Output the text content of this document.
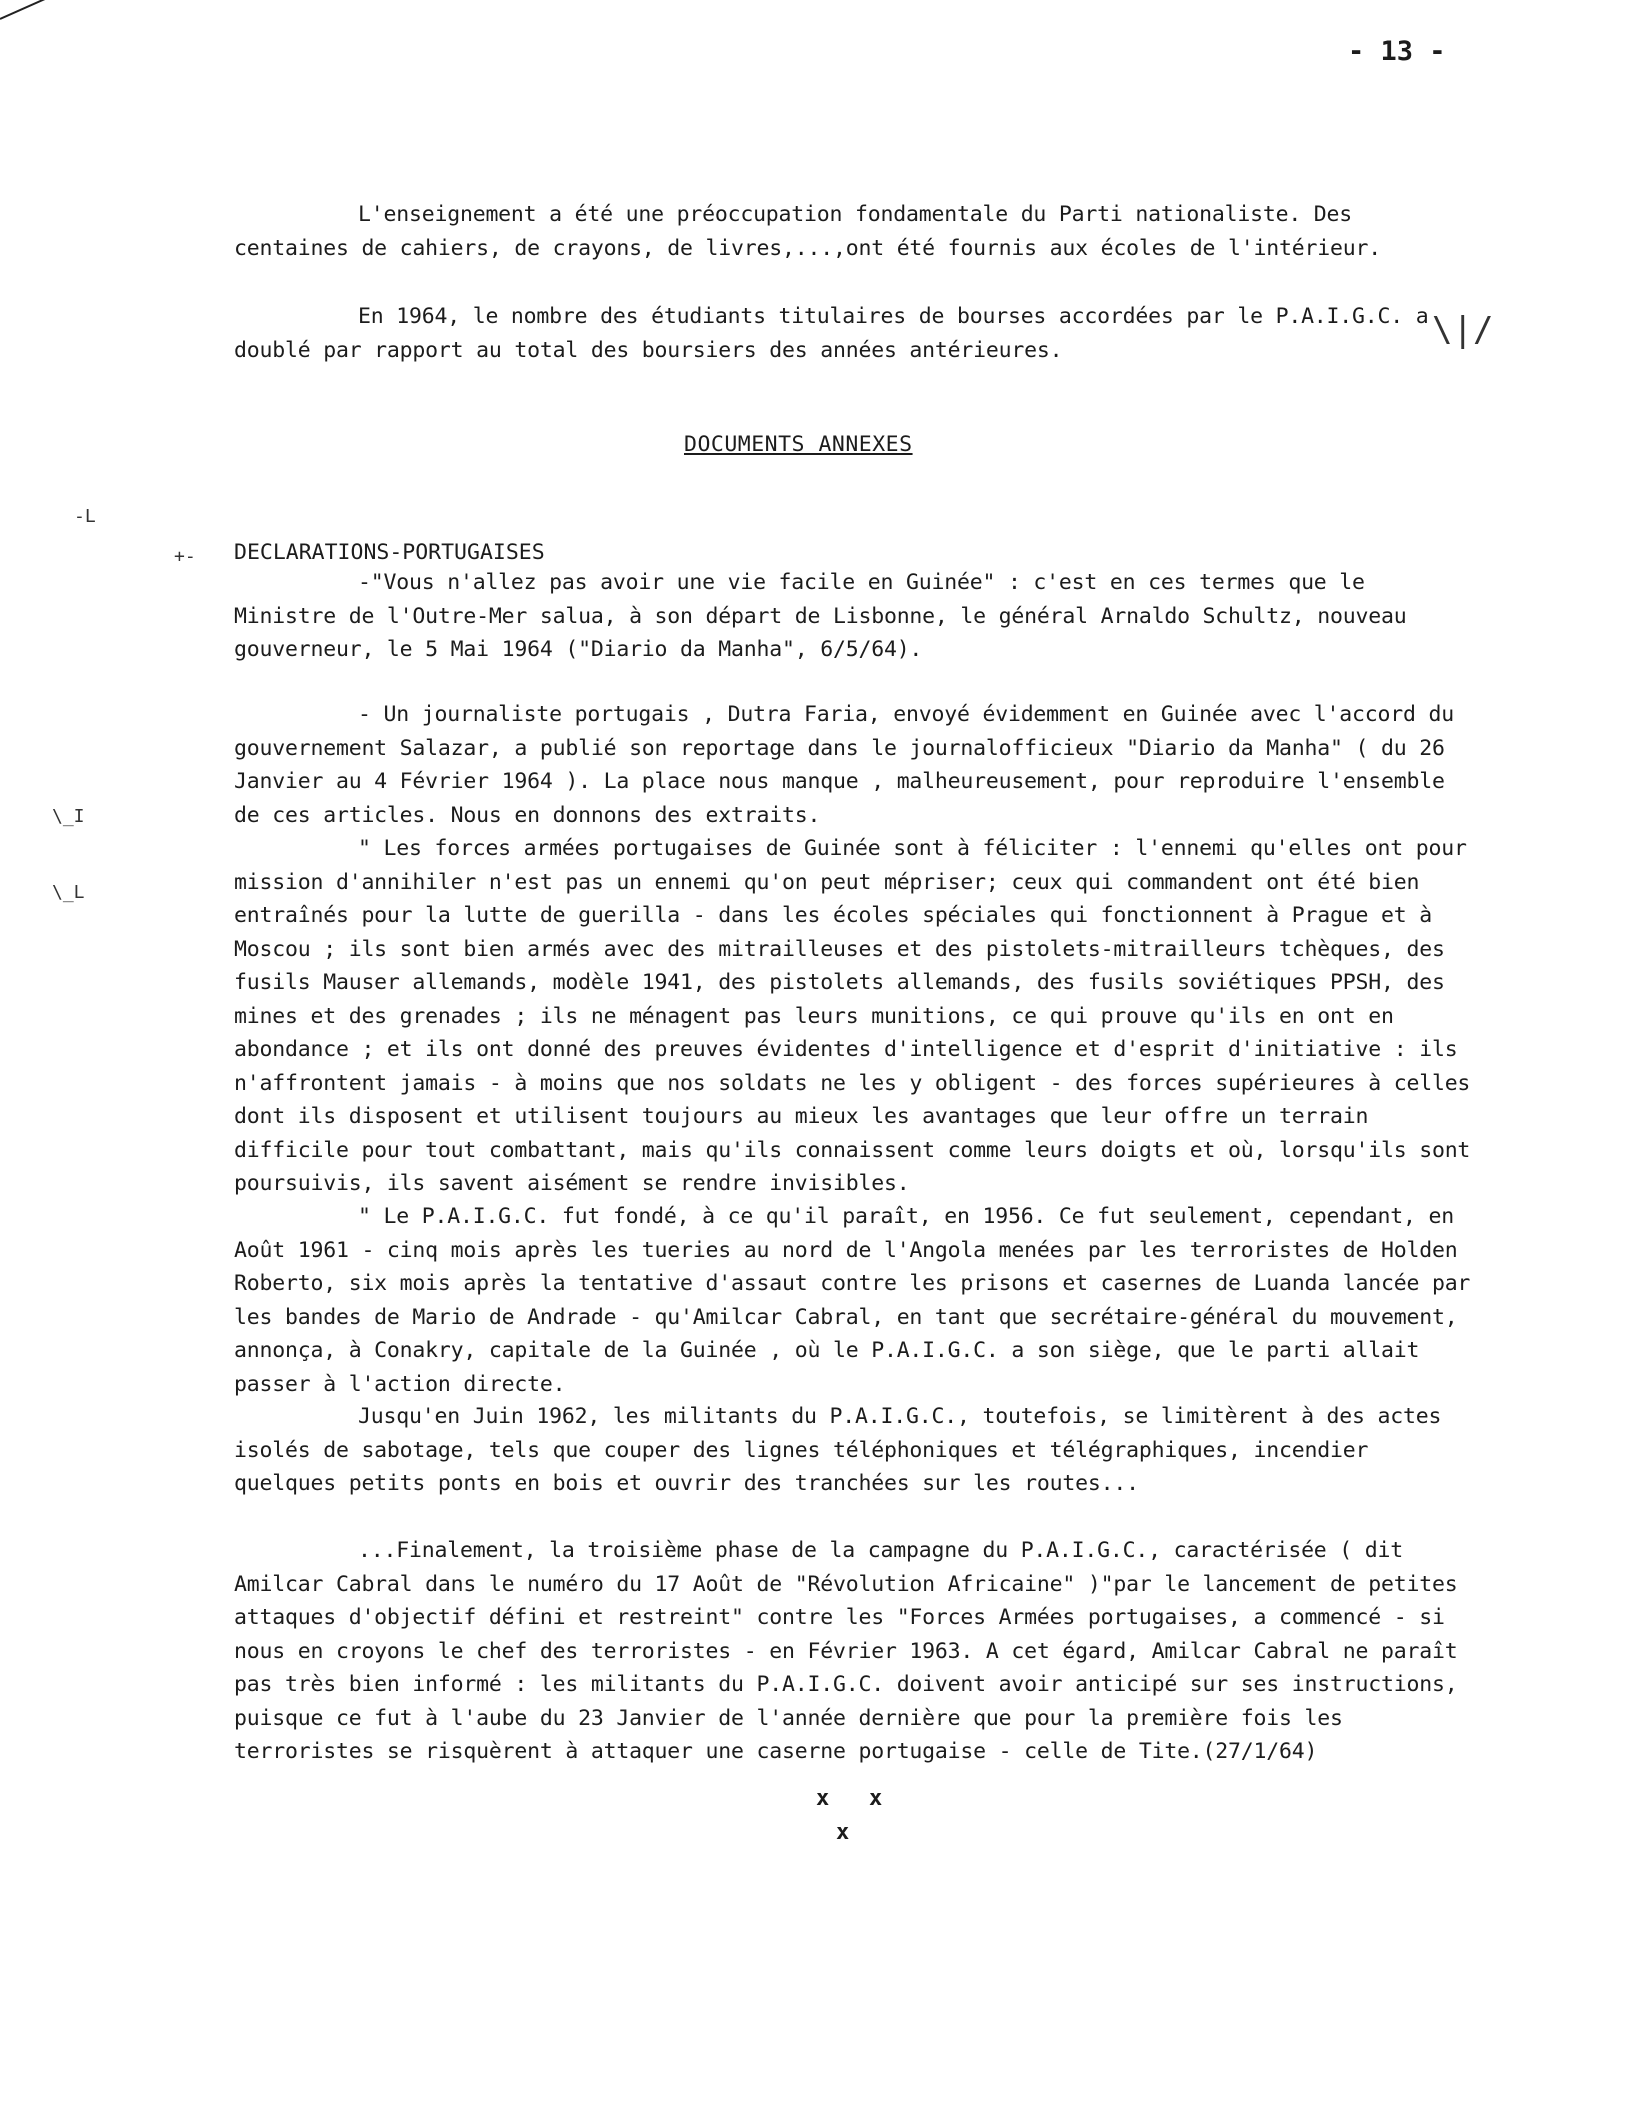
- 13 -

L'enseignement a été une préoccupation fondamentale du Parti nationaliste. Des centaines de cahiers, de crayons, de livres,...,ont été fournis aux écoles de l'intérieur.

En 1964, le nombre des étudiants titulaires de bourses accordées par le P.A.I.G.C. a doublé par rapport au total des boursiers des années antérieures.

DOCUMENTS ANNEXES
DECLARATIONS-PORTUGAISES

-"Vous n'allez pas avoir une vie facile en Guinée" : c'est en ces termes que le Ministre de l'Outre-Mer salua, à son départ de Lisbonne, le général Arnaldo Schultz, nouveau gouverneur, le 5 Mai 1964 ("Diario da Manha", 6/5/64).

- Un journaliste portugais , Dutra Faria, envoyé évidemment en Guinée avec l'accord du gouvernement Salazar, a publié son reportage dans le journalofficieux "Diario da Manha" ( du 26 Janvier au 4 Février 1964 ). La place nous manque , malheureusement, pour reproduire l'ensemble de ces articles. Nous en donnons des extraits.

" Les forces armées portugaises de Guinée sont à féliciter : l'ennemi qu'elles ont pour mission d'annihiler n'est pas un ennemi qu'on peut mépriser; ceux qui commandent ont été bien entraînés pour la lutte de guerilla - dans les écoles spéciales qui fonctionnent à Prague et à Moscou ; ils sont bien armés avec des mitrailleuses et des pistolets-mitrailleurs tchèques, des fusils Mauser allemands, modèle 1941, des pistolets allemands, des fusils soviétiques PPSH, des mines et des grenades ; ils ne ménagent pas leurs munitions, ce qui prouve qu'ils en ont en abondance ; et ils ont donné des preuves évidentes d'intelligence et d'esprit d'initiative : ils n'affrontent jamais - à moins que nos soldats ne les y obligent - des forces supérieures à celles dont ils disposent et utilisent toujours au mieux les avantages que leur offre un terrain difficile pour tout combattant, mais qu'ils connaissent comme leurs doigts et où, lorsqu'ils sont poursuivis, ils savent aisément se rendre invisibles.

" Le P.A.I.G.C. fut fondé, à ce qu'il paraît, en 1956. Ce fut seulement, cependant, en Août 1961 - cinq mois après les tueries au nord de l'Angola menées par les terroristes de Holden Roberto, six mois après la tentative d'assaut contre les prisons et casernes de Luanda lancée par les bandes de Mario de Andrade - qu'Amilcar Cabral, en tant que secrétaire-général du mouvement, annonça, à Conakry, capitale de la Guinée , où le P.A.I.G.C. a son siège, que le parti allait passer à l'action directe.

Jusqu'en Juin 1962, les militants du P.A.I.G.C., toutefois, se limitèrent à des actes isolés de sabotage, tels que couper des lignes téléphoniques et télégraphiques, incendier quelques petits ponts en bois et ouvrir des tranchées sur les routes...

...Finalement, la troisième phase de la campagne du P.A.I.G.C., caractérisée ( dit Amilcar Cabral dans le numéro du 17 Août de "Révolution Africaine" )"par le lancement de petites attaques d'objectif défini et restreint" contre les "Forces Armées portugaises, a commencé - si nous en croyons le chef des terroristes - en Février 1963. A cet égard, Amilcar Cabral ne paraît pas très bien informé : les militants du P.A.I.G.C. doivent avoir anticipé sur ses instructions, puisque ce fut à l'aube du 23 Janvier de l'année dernière que pour la première fois les terroristes se risquèrent à attaquer une caserne portugaise - celle de Tite.(27/1/64)

x   x
x
-L
+-
\_I
\_L
\|/
